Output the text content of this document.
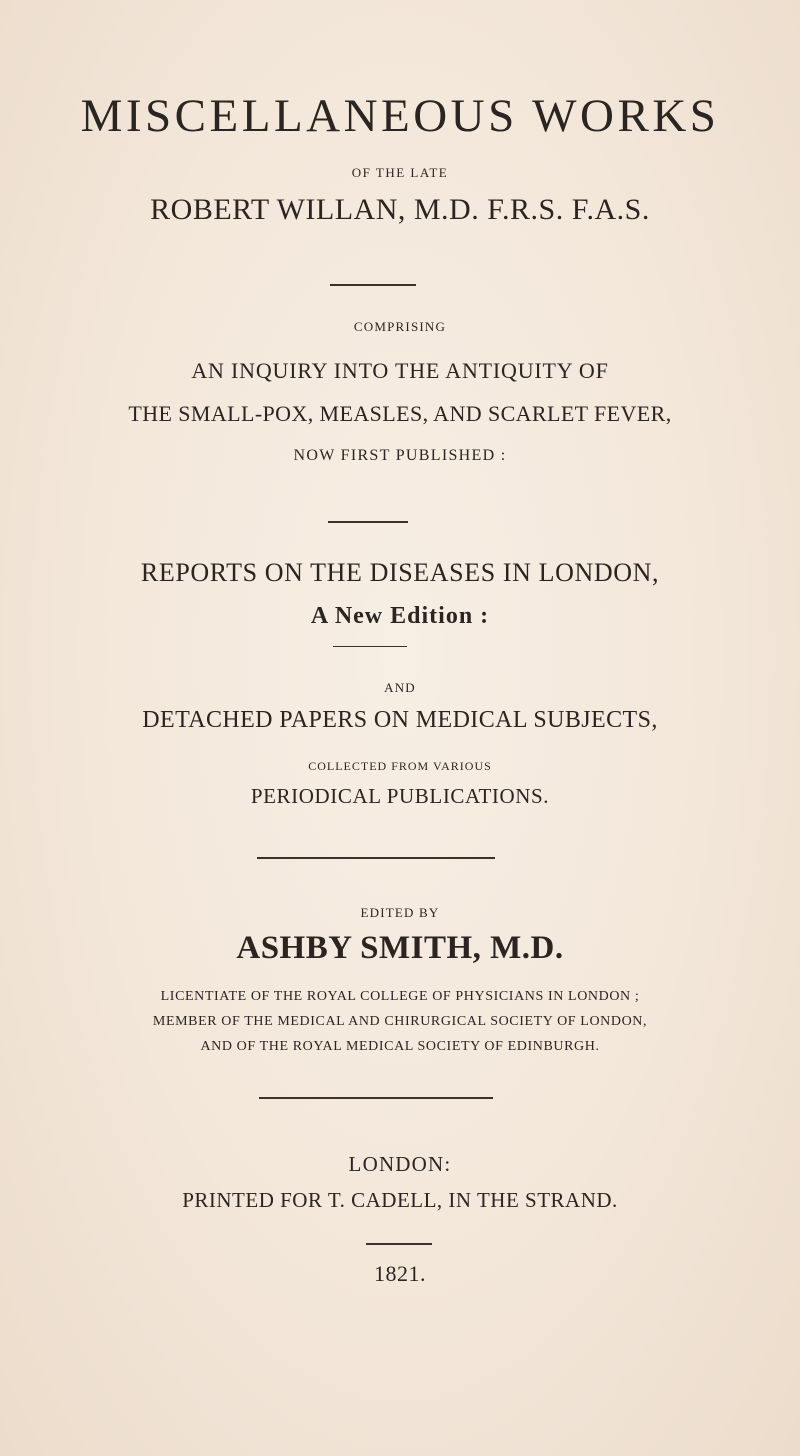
MISCELLANEOUS WORKS
OF THE LATE
ROBERT WILLAN, M.D. F.R.S. F.A.S.
COMPRISING
AN INQUIRY INTO THE ANTIQUITY OF
THE SMALL-POX, MEASLES, AND SCARLET FEVER,
NOW FIRST PUBLISHED :
REPORTS ON THE DISEASES IN LONDON,
A New Edition :
AND
DETACHED PAPERS ON MEDICAL SUBJECTS,
COLLECTED FROM VARIOUS
PERIODICAL PUBLICATIONS.
EDITED BY
ASHBY SMITH, M.D.
LICENTIATE OF THE ROYAL COLLEGE OF PHYSICIANS IN LONDON ;
MEMBER OF THE MEDICAL AND CHIRURGICAL SOCIETY OF LONDON,
AND OF THE ROYAL MEDICAL SOCIETY OF EDINBURGH.
LONDON:
PRINTED FOR T. CADELL, IN THE STRAND.
1821.
